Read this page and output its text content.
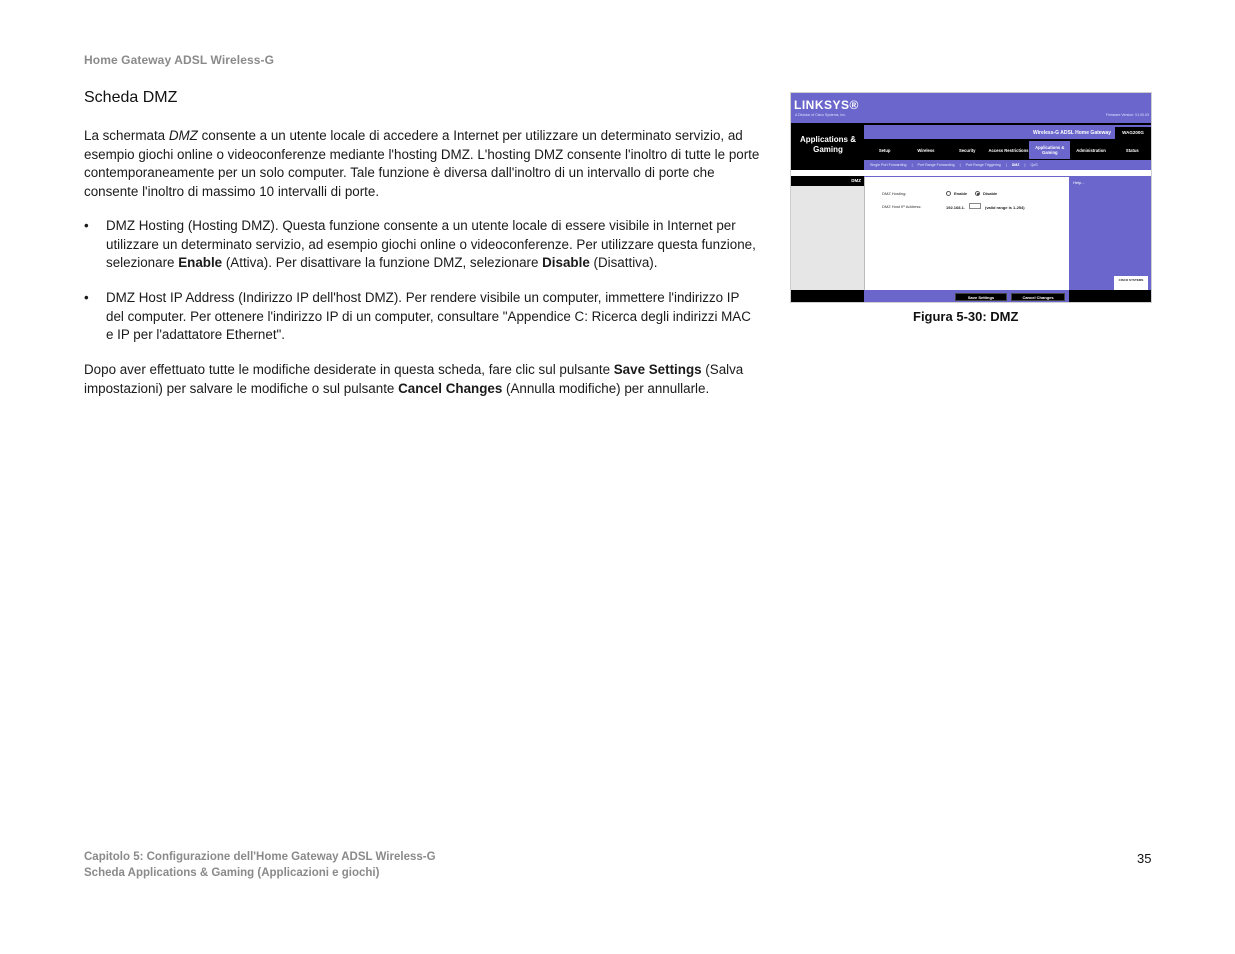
Home Gateway ADSL Wireless-G
Scheda DMZ

La schermata DMZ consente a un utente locale di accedere a Internet per utilizzare un determinato servizio, ad esempio giochi online o videoconferenze mediante l'hosting DMZ. L'hosting DMZ consente l'inoltro di tutte le porte contemporaneamente per un solo computer. Tale funzione è diversa dall'inoltro di un intervallo di porte che consente l'inoltro di massimo 10 intervalli di porte.

• DMZ Hosting (Hosting DMZ). Questa funzione consente a un utente locale di essere visibile in Internet per utilizzare un determinato servizio, ad esempio giochi online o videoconferenze. Per utilizzare questa funzione, selezionare Enable (Attiva). Per disattivare la funzione DMZ, selezionare Disable (Disattiva).
• DMZ Host IP Address (Indirizzo IP dell'host DMZ). Per rendere visibile un computer, immettere l'indirizzo IP del computer. Per ottenere l'indirizzo IP di un computer, consultare "Appendice C: Ricerca degli indirizzi MAC e IP per l'adattatore Ethernet".

Dopo aver effettuato tutte le modifiche desiderate in questa scheda, fare clic sul pulsante Save Settings (Salva impostazioni) per salvare le modifiche o sul pulsante Cancel Changes (Annulla modifiche) per annullarle.

LINKSYS®
A Division of Cisco Systems, Inc.	Firmware Version: V1.00.03
Applications & Gaming
Wireless-G ADSL Home Gateway	WAG200G
Setup	Wireless	Security	Access Restrictions	Applications & Gaming	Administration	Status
Single Port Forwarding | Port Range Forwarding | Port Range Triggering | DMZ | QoS
DMZ
DMZ Hosting:	Enable	Disable
DMZ Host IP Address:	192.168.1.	(valid range is 1-254)
Help...
CISCO SYSTEMS
Save Settings	Cancel Changes
Figura 5-30: DMZ
Capitolo 5: Configurazione dell'Home Gateway ADSL Wireless-G
Scheda Applications & Gaming (Applicazioni e giochi)
35
